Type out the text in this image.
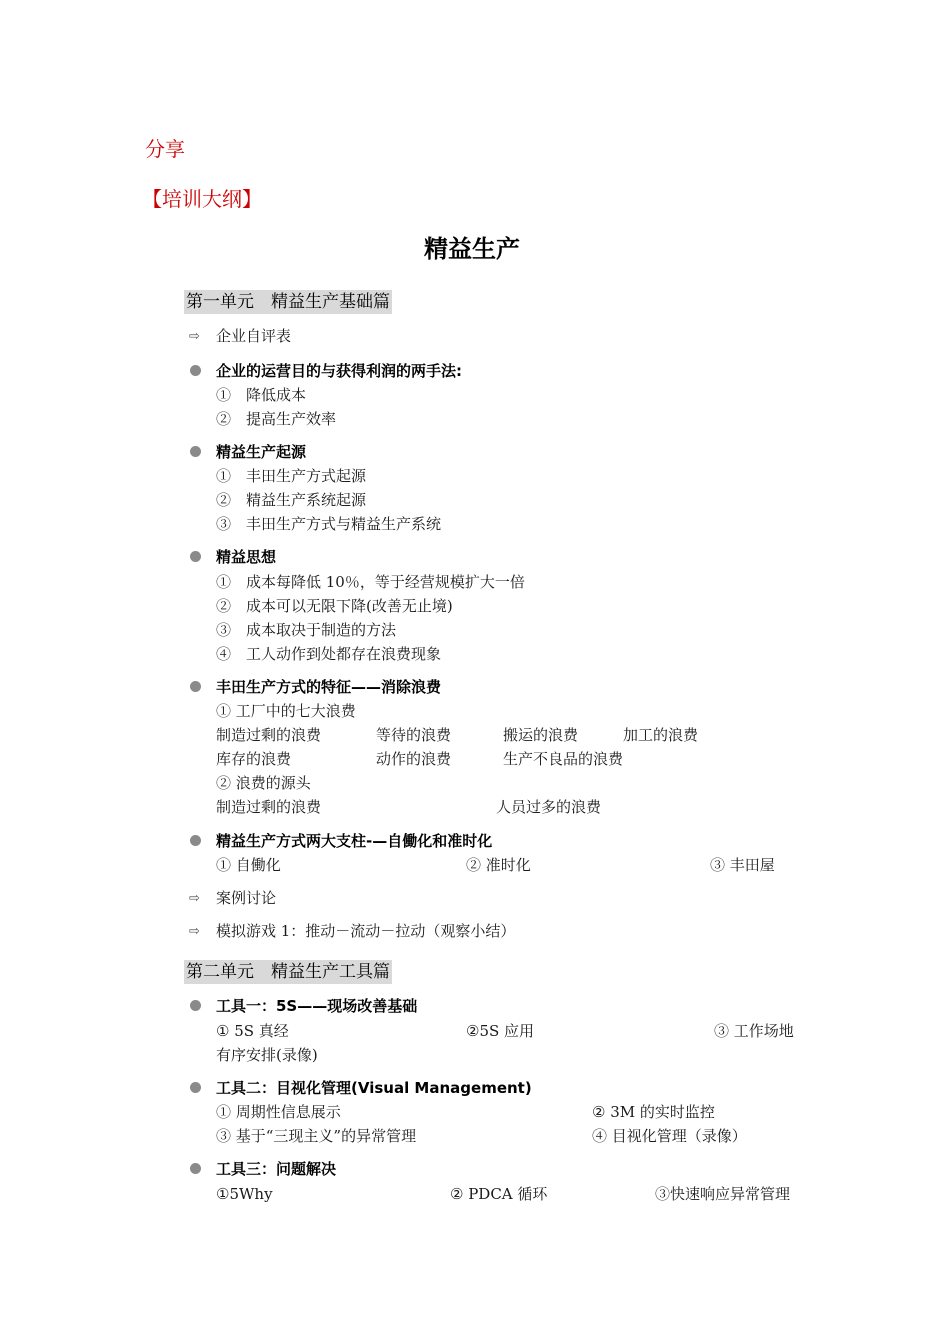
分享
【培训大纲】
精益生产
第一单元　精益生产基础篇
⇨ 企业自评表
企业的运营目的与获得利润的两手法:
①　降低成本
②　提高生产效率
精益生产起源
①　丰田生产方式起源
②　精益生产系统起源
③　丰田生产方式与精益生产系统
精益思想
①　成本每降低 10％，等于经营规模扩大一倍
②　成本可以无限下降(改善无止境)
③　成本取决于制造的方法
④　工人动作到处都存在浪费现象
丰田生产方式的特征——消除浪费
① 工厂中的七大浪费
制造过剩的浪费	等待的浪费	搬运的浪费	加工的浪费
库存的浪费	动作的浪费	生产不良品的浪费
② 浪费的源头
制造过剩的浪费	人员过多的浪费
精益生产方式两大支柱-—自働化和准时化
① 自働化	② 准时化	③ 丰田屋
⇨ 案例讨论
⇨ 模拟游戏 1：推动－流动－拉动（观察小结）
第二单元　精益生产工具篇
工具一：5S——现场改善基础
① 5S 真经	②5S 应用	③ 工作场地
有序安排(录像)
工具二：目视化管理(Visual Management)
① 周期性信息展示	② 3M 的实时监控
③ 基于“三现主义”的异常管理	④ 目视化管理（录像）
工具三：问题解决
①5Why	② PDCA 循环	③快速响应异常管理
